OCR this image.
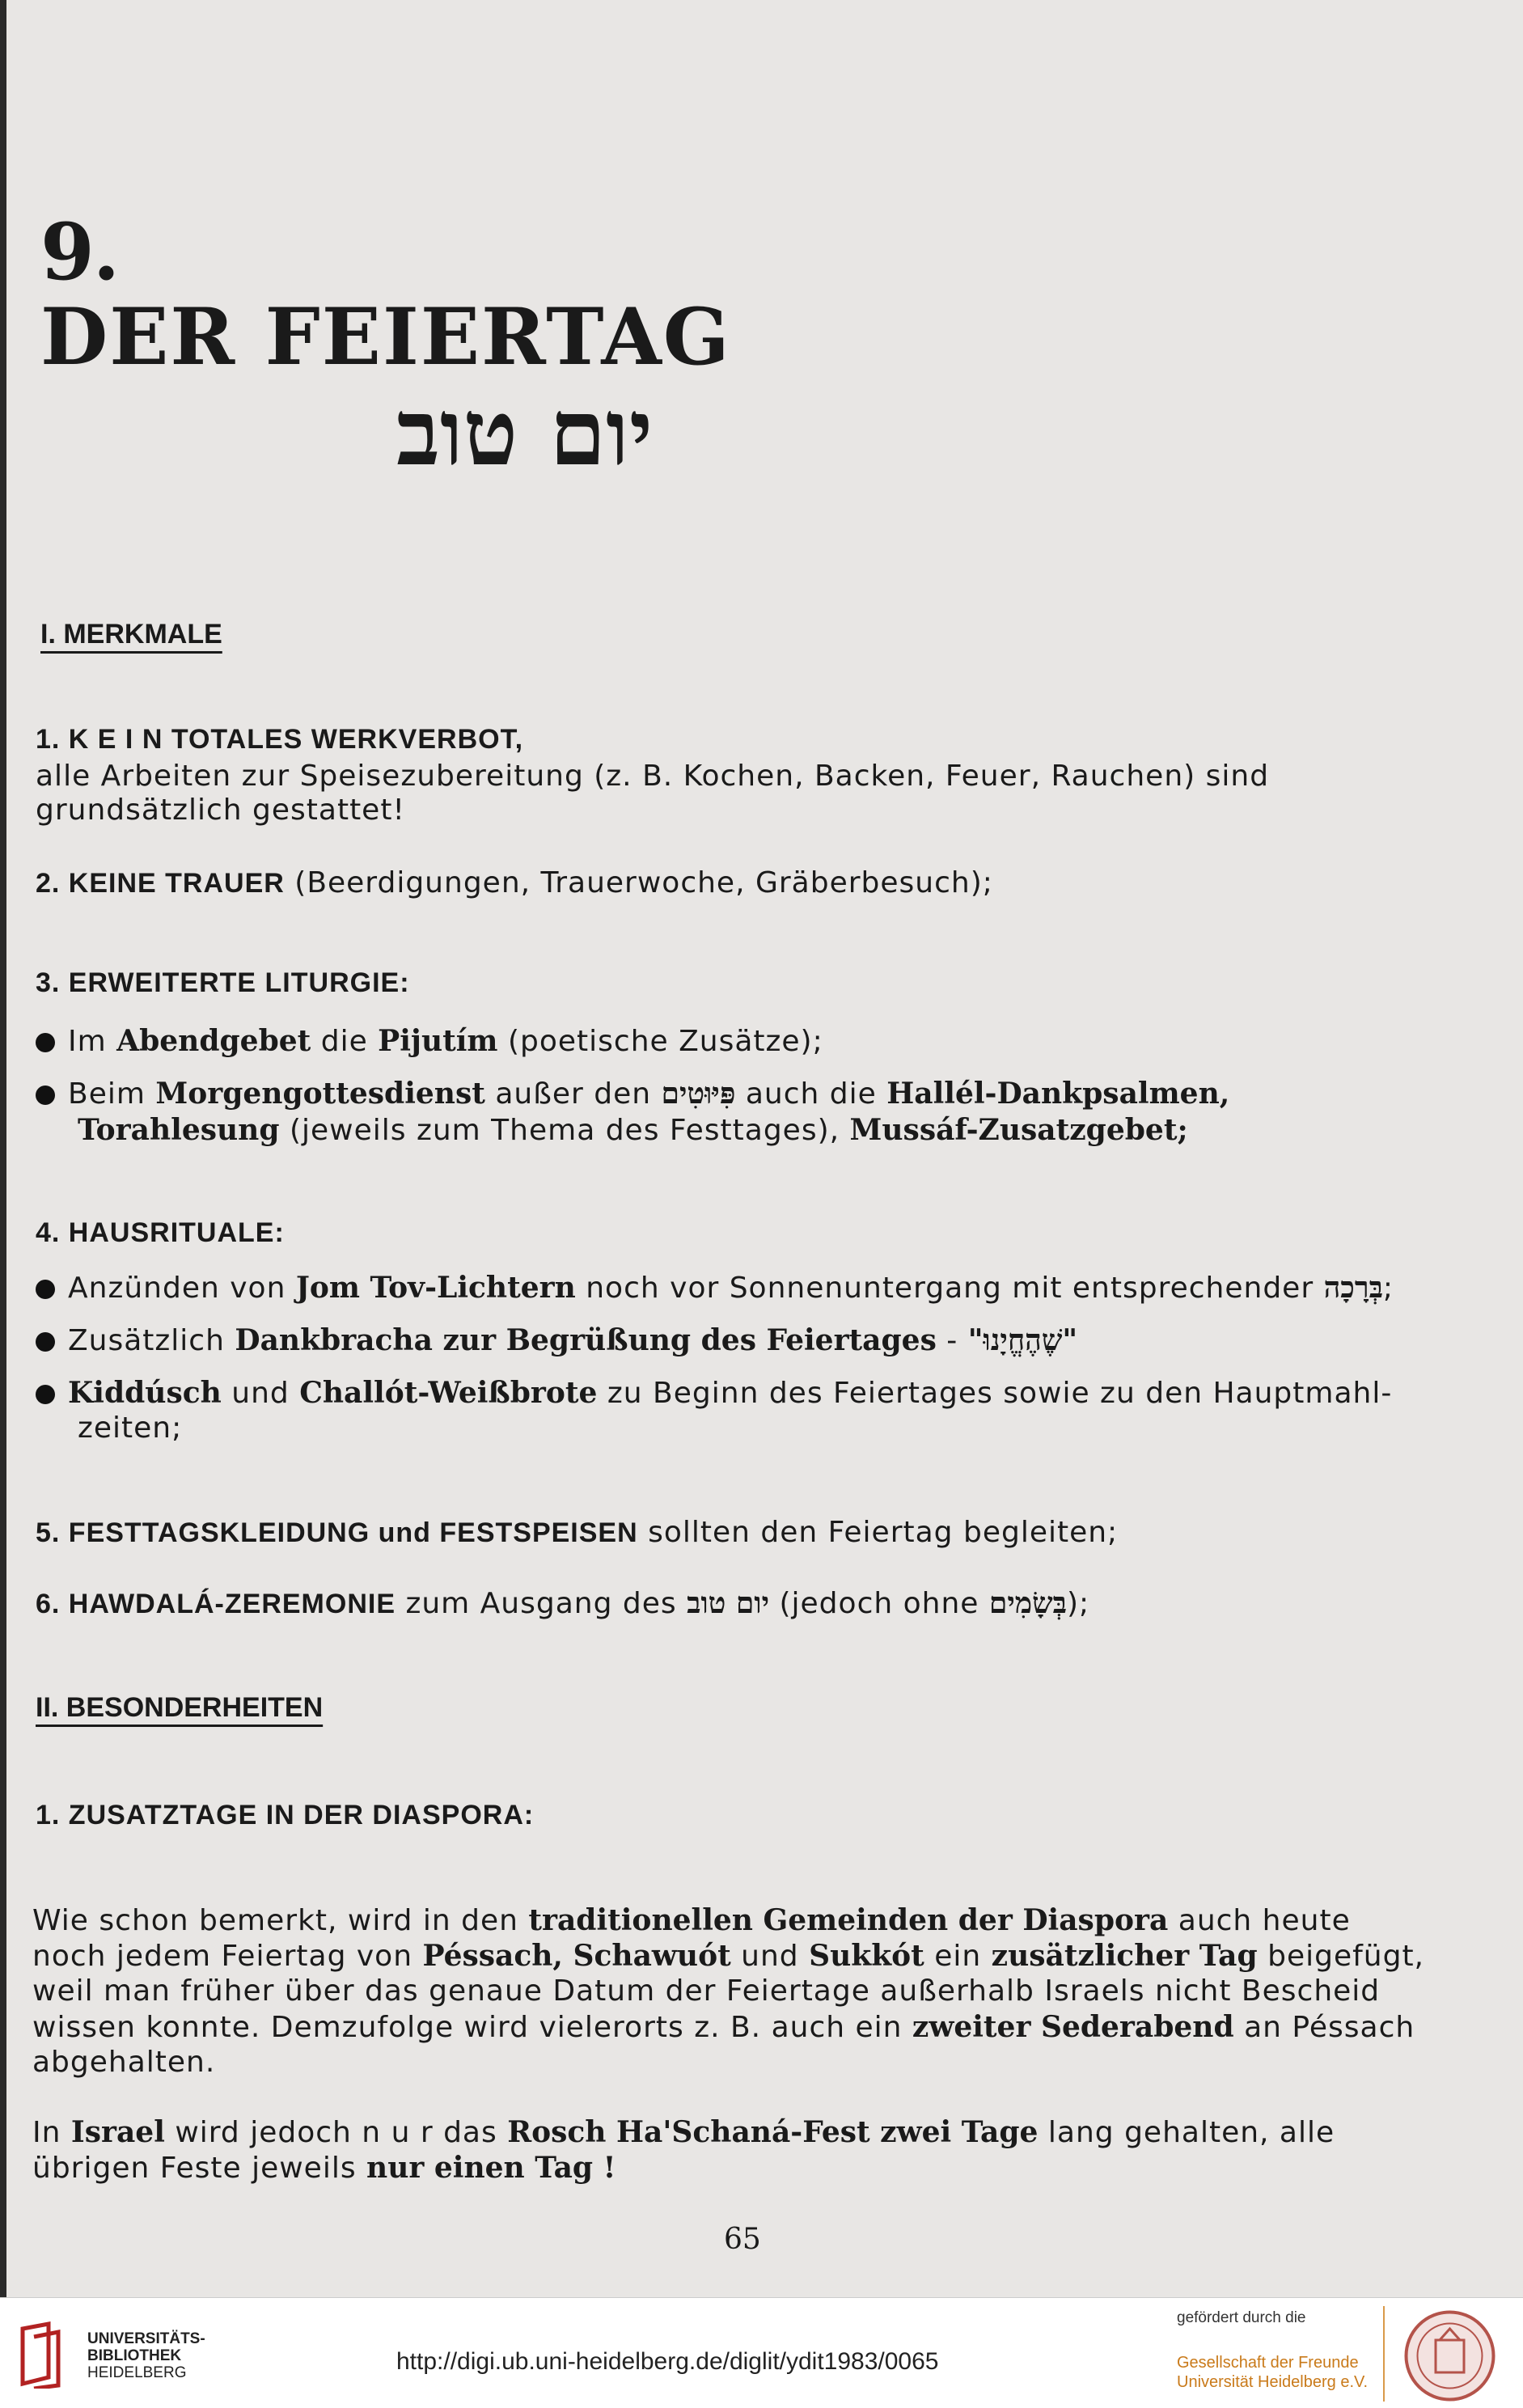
9.
DER FEIERTAG
יום טוב
I. MERKMALE
1. K E I N TOTALES WERKVERBOT,
alle Arbeiten zur Speisezubereitung (z. B. Kochen, Backen, Feuer, Rauchen) sind
grundsätzlich gestattet!
2. KEINE TRAUER (Beerdigungen, Trauerwoche, Gräberbesuch);
3. ERWEITERTE LITURGIE:
Im Abendgebet die Pijutím (poetische Zusätze);
Beim Morgengottesdienst außer den פִּיּוּטִים auch die Hallél-Dankpsalmen,
Torahlesung (jeweils zum Thema des Festtages), Mussáf-Zusatzgebet;
4. HAUSRITUALE:
Anzünden von Jom Tov-Lichtern noch vor Sonnenuntergang mit entsprechender בְּרָכָה;
Zusätzlich Dankbracha zur Begrüßung des Feiertages - "שֶׁהֶחֱיָנוּ"
Kiddúsch und Challót-Weißbrote zu Beginn des Feiertages sowie zu den Hauptmahl-
zeiten;
5. FESTTAGSKLEIDUNG und FESTSPEISEN sollten den Feiertag begleiten;
6. HAWDALÁ-ZEREMONIE zum Ausgang des יום טוב (jedoch ohne בְּשָׂמִים);
II. BESONDERHEITEN
1. ZUSATZTAGE IN DER DIASPORA:
Wie schon bemerkt, wird in den traditionellen Gemeinden der Diaspora auch heute
noch jedem Feiertag von Péssach, Schawuót und Sukkót ein zusätzlicher Tag beigefügt,
weil man früher über das genaue Datum der Feiertage außerhalb Israels nicht Bescheid
wissen konnte. Demzufolge wird vielerorts z. B. auch ein zweiter Sederabend an Péssach
abgehalten.
In Israel wird jedoch n u r das Rosch Ha'Schaná-Fest zwei Tage lang gehalten, alle
übrigen Feste jeweils nur einen Tag !
65
UNIVERSITÄTS-
BIBLIOTHEK
HEIDELBERG	http://digi.ub.uni-heidelberg.de/diglit/ydit1983/0065
gefördert durch die
Gesellschaft der Freunde
Universität Heidelberg e.V.
